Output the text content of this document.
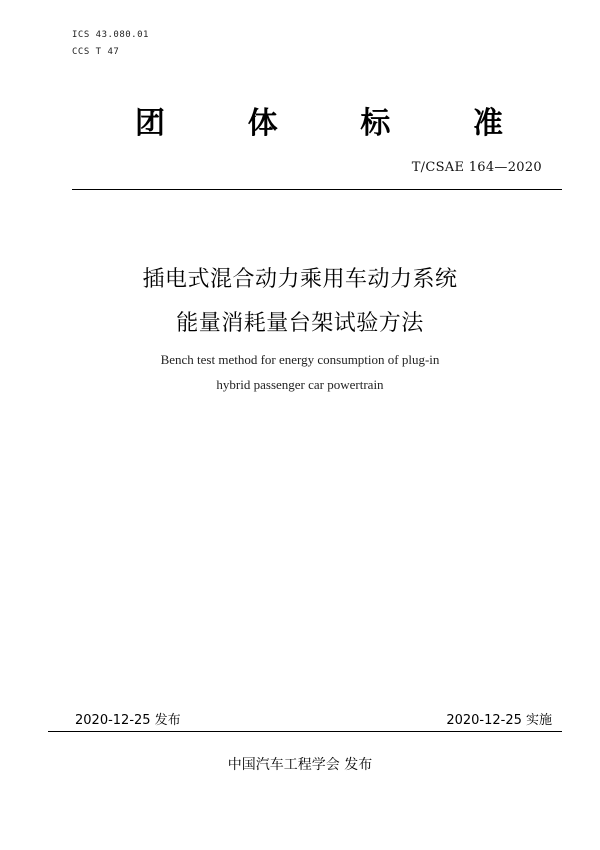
ICS 43.080.01
CCS T 47
团	体	标	准
T/CSAE 164—2020
插电式混合动力乘用车动力系统
能量消耗量台架试验方法
Bench test method for energy consumption of plug-in
hybrid passenger car powertrain
2020-12-25 发布	2020-12-25 实施
中国汽车工程学会 发布
